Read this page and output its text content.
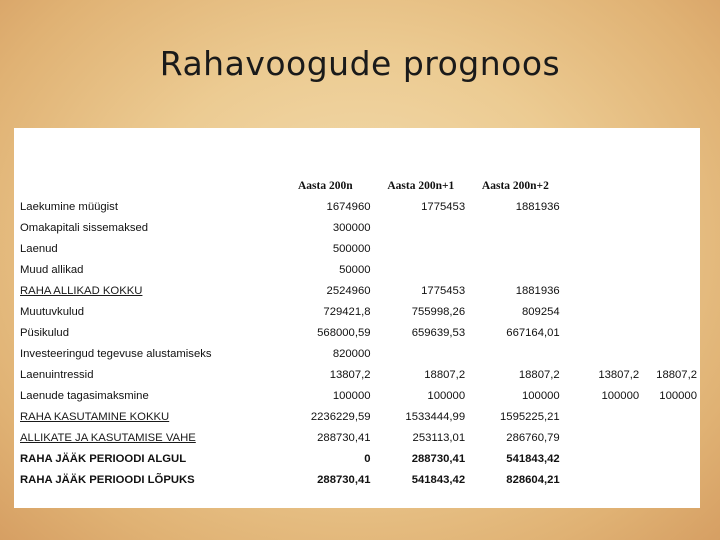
Rahavoogude prognoos
	Aasta 200n	Aasta 200n+1	Aasta 200n+2		
Laekumine müügist	1674960	1775453	1881936		
Omakapitali sissemaksed	300000				
Laenud	500000				
Muud allikad	50000				
RAHA ALLIKAD KOKKU	2524960	1775453	1881936		
Muutuvkulud	729421,8	755998,26	809254		
Püsikulud	568000,59	659639,53	667164,01		
Investeeringud tegevuse alustamiseks	820000				
Laenuintressid	13807,2	18807,2	18807,2	13807,2	18807,2
Laenude tagasimaksmine	100000	100000	100000	100000	100000
RAHA KASUTAMINE KOKKU	2236229,59	1533444,99	1595225,21		
ALLIKATE JA KASUTAMISE VAHE	288730,41	253113,01	286760,79		
RAHA JÄÄK PERIOODI ALGUL	0	288730,41	541843,42		
RAHA JÄÄK PERIOODI LÕPUKS	288730,41	541843,42	828604,21		
